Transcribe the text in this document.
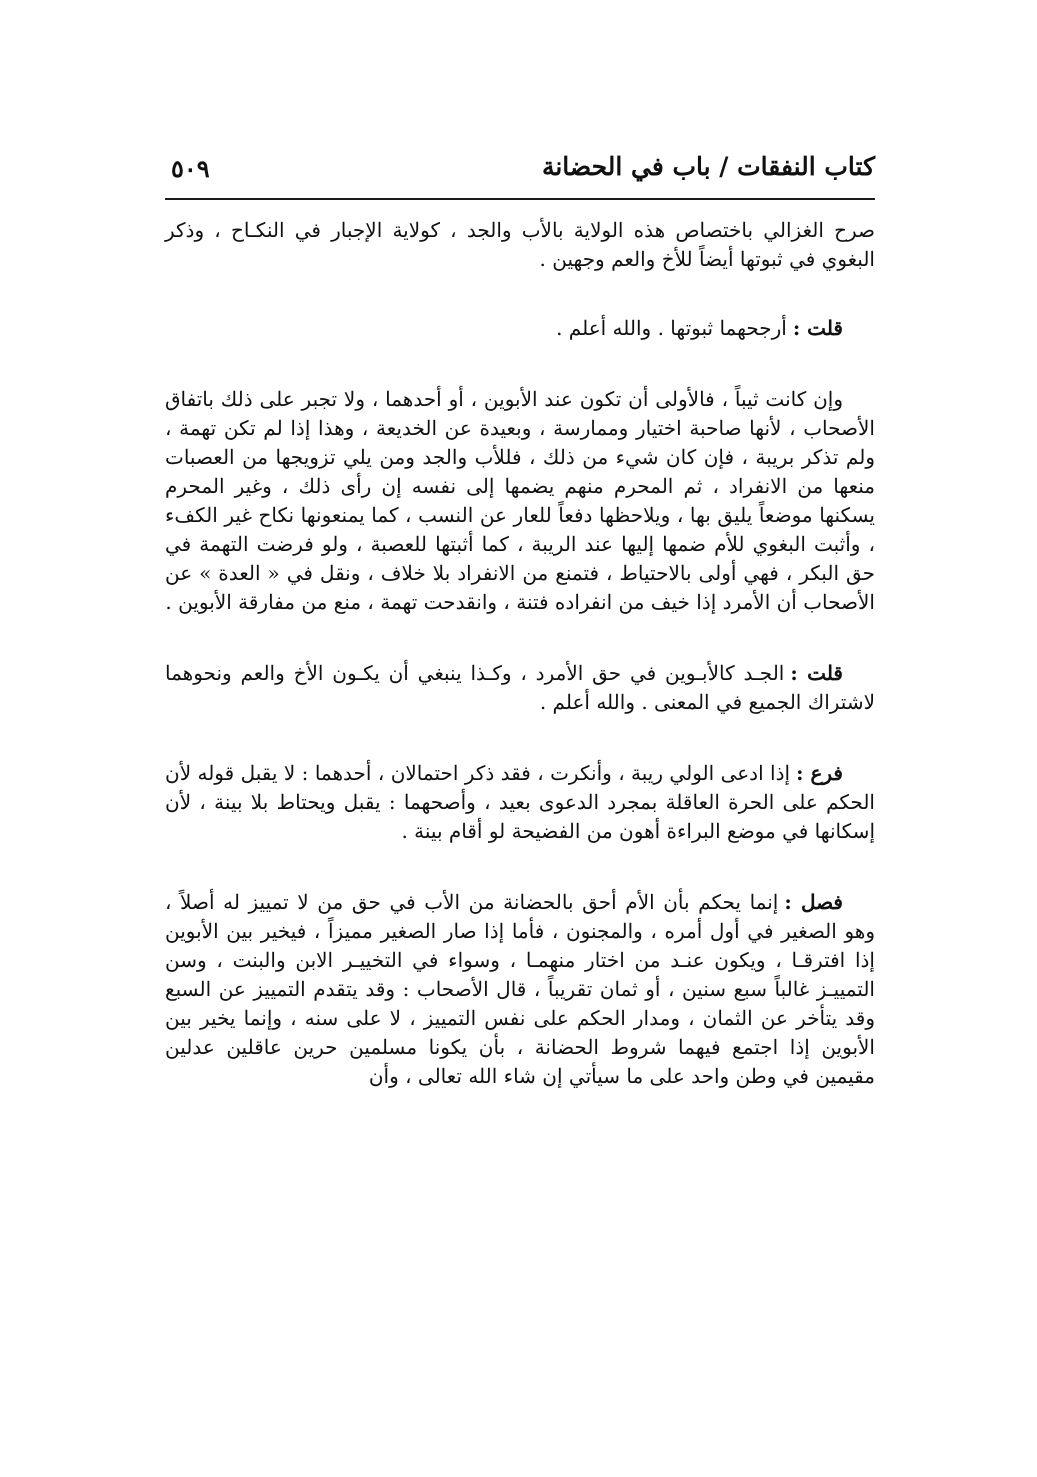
كتاب النفقات / باب في الحضانة
٥٠٩

صرح الغزالي باختصاص هذه الولاية بالأب والجد ، كولاية الإجبار في النكـاح ، وذكر البغوي في ثبوتها أيضاً للأخ والعم وجهين .

قلت :أرجحهما ثبوتها . والله أعلم .

وإن كانت ثيباً ، فالأولى أن تكون عند الأبوين ، أو أحدهما ، ولا تجبر على ذلك باتفاق الأصحاب ، لأنها صاحبة اختيار وممارسة ، وبعيدة عن الخديعة ، وهذا إذا لم تكن تهمة ، ولم تذكر بريبة ، فإن كان شيء من ذلك ، فللأب والجد ومن يلي تزويجها من العصبات منعها من الانفراد ، ثم المحرم منهم يضمها إلى نفسه إن رأى ذلك ، وغير المحرم يسكنها موضعاً يليق بها ، ويلاحظها دفعاً للعار عن النسب ، كما يمنعونها نكاح غير الكفء ، وأثبت البغوي للأم ضمها إليها عند الريبة ، كما أثبتها للعصبة ، ولو فرضت التهمة في حق البكر ، فهي أولى بالاحتياط ، فتمنع من الانفراد بلا خلاف ، ونقل في « العدة » عن الأصحاب أن الأمرد إذا خيف من انفراده فتنة ، وانقدحت تهمة ، منع من مفارقة الأبوين .

قلت :الجـد كالأبـوين في حق الأمرد ، وكـذا ينبغي أن يكـون الأخ والعم ونحوهما لاشتراك الجميع في المعنى . والله أعلم .

فرع :إذا ادعى الولي ريبة ، وأنكرت ، فقد ذكر احتمالان ، أحدهما : لا يقبل قوله لأن الحكم على الحرة العاقلة بمجرد الدعوى بعيد ، وأصحهما : يقبل ويحتاط بلا بينة ، لأن إسكانها في موضع البراءة أهون من الفضيحة لو أقام بينة .

فصل :إنما يحكم بأن الأم أحق بالحضانة من الأب في حق من لا تمييز له أصلاً ، وهو الصغير في أول أمره ، والمجنون ، فأما إذا صار الصغير مميزاً ، فيخير بين الأبوين إذا افترقـا ، ويكون عنـد من اختار منهمـا ، وسواء في التخييـر الابن والبنت ، وسن التمييـز غالباً سبع سنين ، أو ثمان تقريباً ، قال الأصحاب : وقد يتقدم التمييز عن السبع وقد يتأخر عن الثمان ، ومدار الحكم على نفس التمييز ، لا على سنه ، وإنما يخير بين الأبوين إذا اجتمع فيهما شروط الحضانة ، بأن يكونا مسلمين حرين عاقلين عدلين مقيمين في وطن واحد على ما سيأتي إن شاء الله تعالى ، وأن
